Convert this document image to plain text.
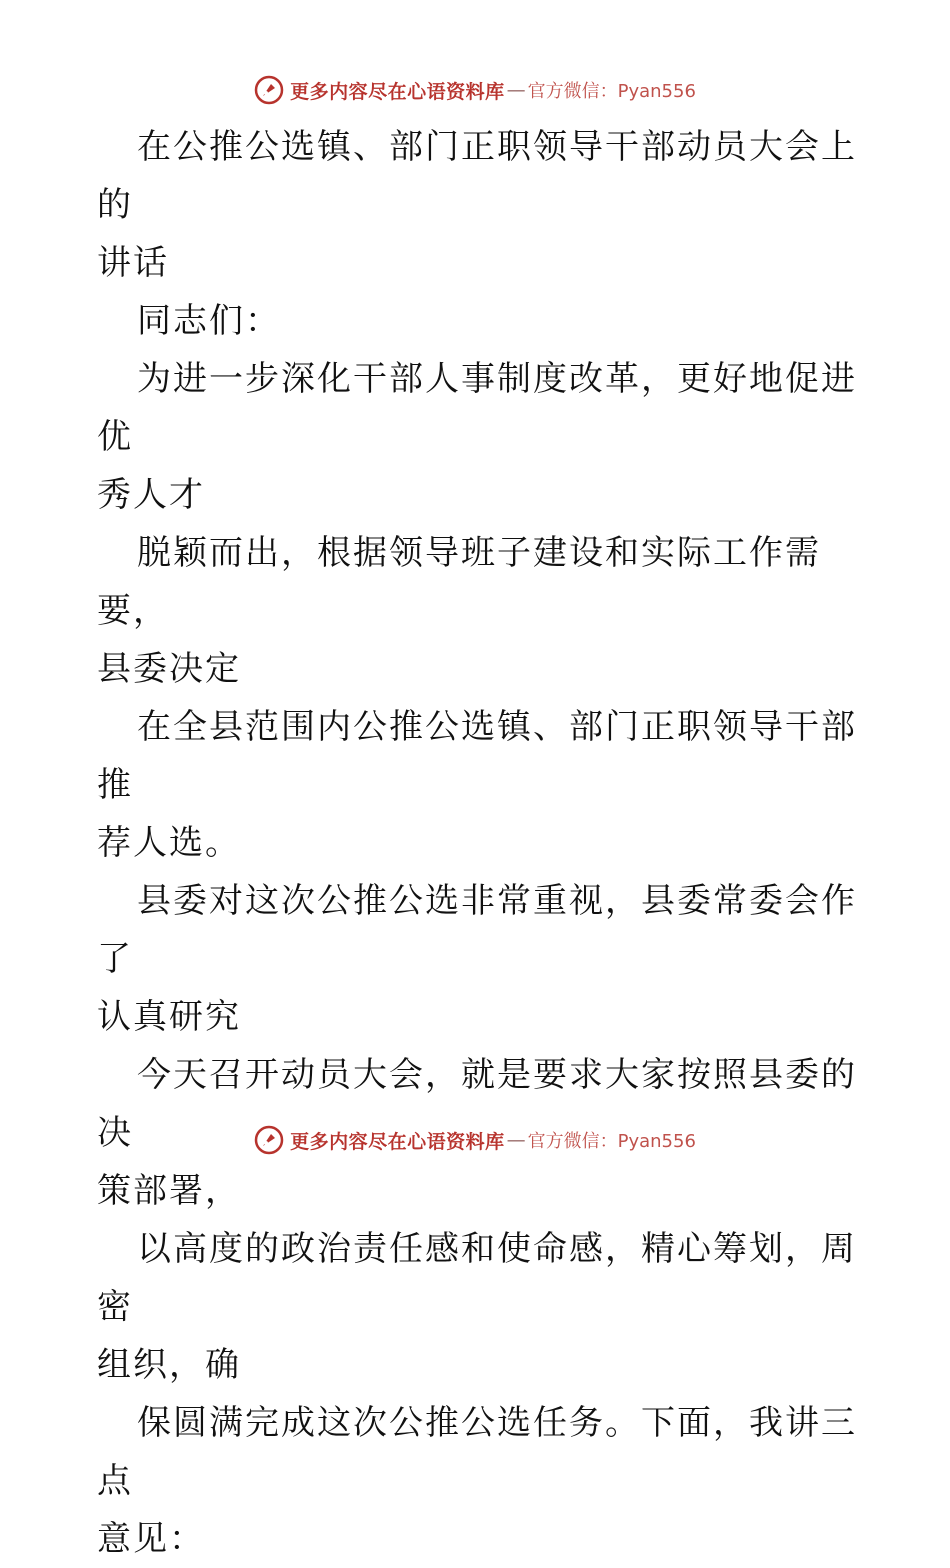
更多内容尽在心语资料库 — 官方微信：Pyan556

在公推公选镇、部门正职领导干部动员大会上的
讲话

同志们：

为进一步深化干部人事制度改革，更好地促进优
秀人才

脱颖而出，根据领导班子建设和实际工作需要，
县委决定

在全县范围内公推公选镇、部门正职领导干部推
荐人选。

县委对这次公推公选非常重视，县委常委会作了
认真研究

今天召开动员大会，就是要求大家按照县委的决
策部署，

以高度的政治责任感和使命感，精心筹划，周密
组织，确

保圆满完成这次公推公选任务。下面，我讲三点
意见：

更多内容尽在心语资料库 — 官方微信：Pyan556
